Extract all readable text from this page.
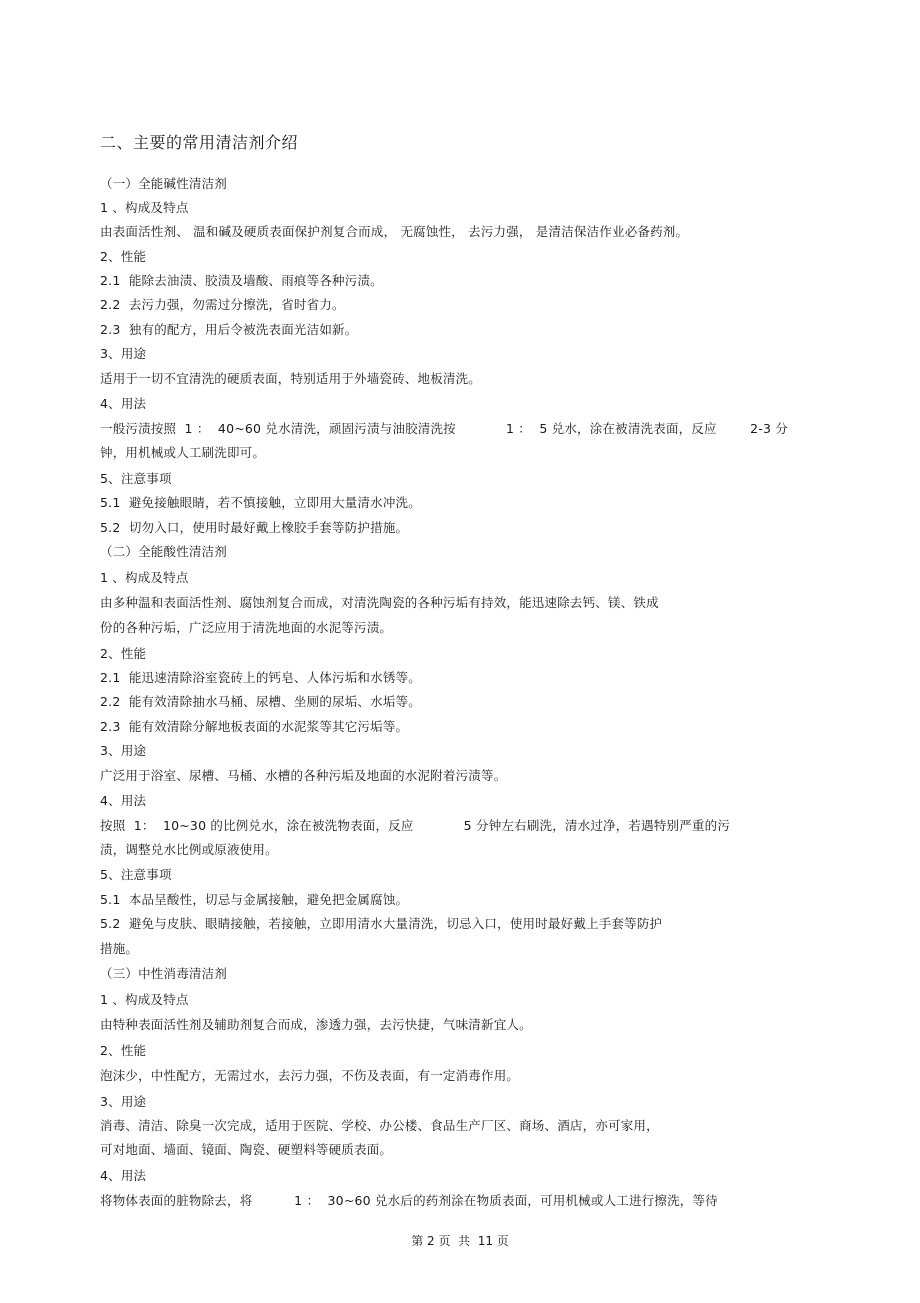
二、主要的常用清洁剂介绍
（一）全能碱性清洁剂
1 、构成及特点
由表面活性剂、 温和碱及硬质表面保护剂复合而成， 无腐蚀性， 去污力强， 是清洁保洁作业必备药剂。
2、性能
2.1  能除去油渍、胶渍及墙酸、雨痕等各种污渍。
2.2  去污力强，勿需过分擦洗，省时省力。
2.3  独有的配方，用后令被洗表面光洁如新。
3、用途
适用于一切不宜清洗的硬质表面，特别适用于外墙瓷砖、地板清洗。
4、用法
一般污渍按照  1 ：  40~60 兑水清洗，顽固污渍与油胶清洗按            1 ：  5 兑水，涂在被清洗表面，反应        2-3 分
钟，用机械或人工刷洗即可。
5、注意事项
5.1  避免接触眼睛，若不慎接触，立即用大量清水冲洗。
5.2  切勿入口，使用时最好戴上橡胶手套等防护措施。
（二）全能酸性清洁剂
1 、构成及特点
由多种温和表面活性剂、腐蚀剂复合而成，对清洗陶瓷的各种污垢有持效，能迅速除去钙、镁、铁成
份的各种污垢，广泛应用于清洗地面的水泥等污渍。
2、性能
2.1  能迅速清除浴室瓷砖上的钙皂、人体污垢和水锈等。
2.2  能有效清除抽水马桶、尿槽、坐厕的尿垢、水垢等。
2.3  能有效清除分解地板表面的水泥浆等其它污垢等。
3、用途
广泛用于浴室、尿槽、马桶、水槽的各种污垢及地面的水泥附着污渍等。
4、用法
按照  1：  10~30 的比例兑水，涂在被洗物表面，反应            5 分钟左右刷洗，清水过净，若遇特别严重的污
渍，调整兑水比例或原液使用。
5、注意事项
5.1  本品呈酸性，切忌与金属接触，避免把金属腐蚀。
5.2  避免与皮肤、眼睛接触，若接触，立即用清水大量清洗，切忌入口，使用时最好戴上手套等防护
措施。
（三）中性消毒清洁剂
1 、构成及特点
由特种表面活性剂及辅助剂复合而成，渗透力强，去污快捷，气味清新宜人。
2、性能
泡沫少，中性配方，无需过水，去污力强，不伤及表面，有一定消毒作用。
3、用途
消毒、清洁、除臭一次完成，适用于医院、学校、办公楼、食品生产厂区、商场、酒店，亦可家用，
可对地面、墙面、镜面、陶瓷、硬塑料等硬质表面。
4、用法
将物体表面的脏物除去，将          1 ：  30~60 兑水后的药剂涂在物质表面，可用机械或人工进行擦洗，等待
第 2 页  共  11 页
